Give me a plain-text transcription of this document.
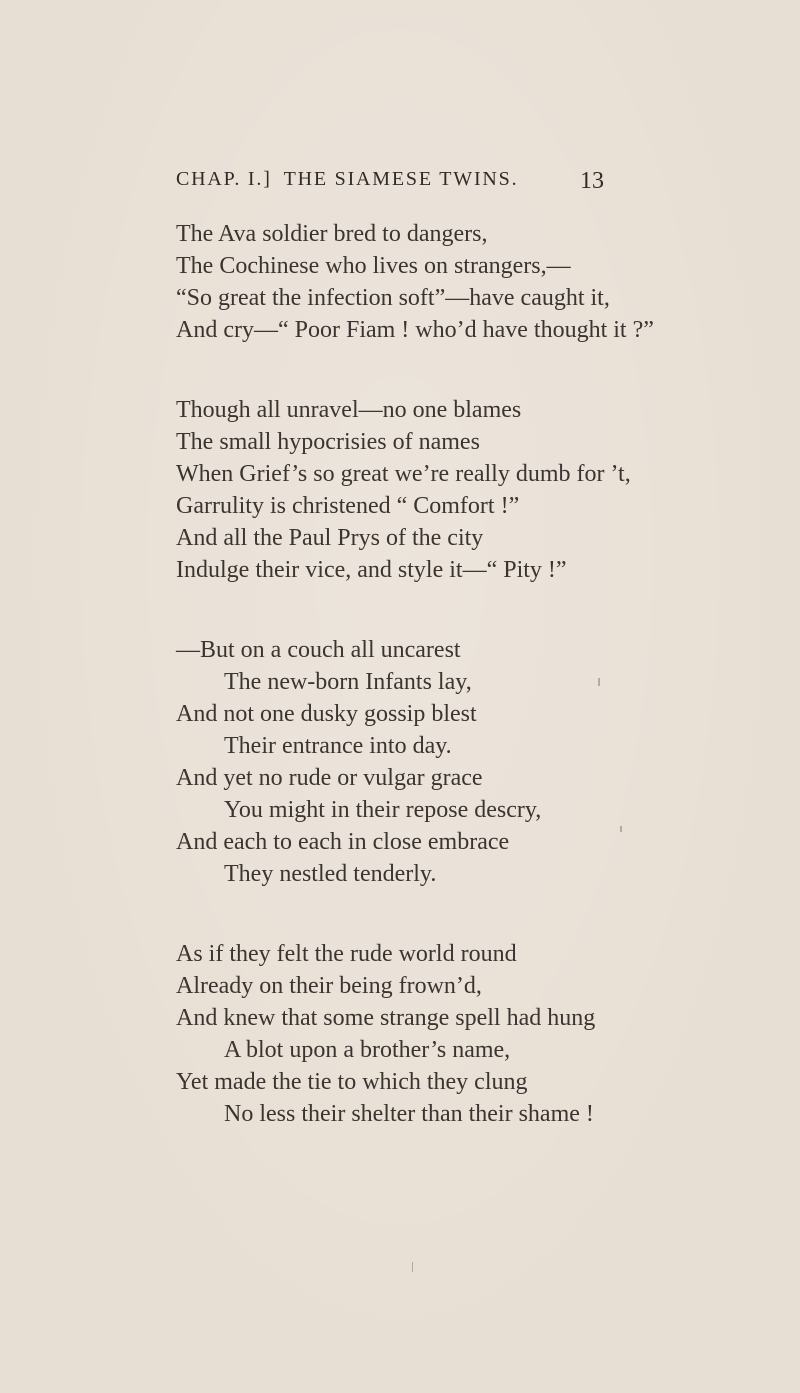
CHAP. I.] THE SIAMESE TWINS.	13
The Ava soldier bred to dangers,
The Cochinese who lives on strangers,—
“So great the infection soft”—have caught it,
And cry—“ Poor Fiam ! who’d have thought it ?”
Though all unravel—no one blames
The small hypocrisies of names
When Grief’s so great we’re really dumb for ’t,
Garrulity is christened “ Comfort !”
And all the Paul Prys of the city
Indulge their vice, and style it—“ Pity !”
—But on a couch all uncarest
The new-born Infants lay,
And not one dusky gossip blest
Their entrance into day.
And yet no rude or vulgar grace
You might in their repose descry,
And each to each in close embrace
They nestled tenderly.
As if they felt the rude world round
Already on their being frown’d,
And knew that some strange spell had hung
A blot upon a brother’s name,
Yet made the tie to which they clung
No less their shelter than their shame !
